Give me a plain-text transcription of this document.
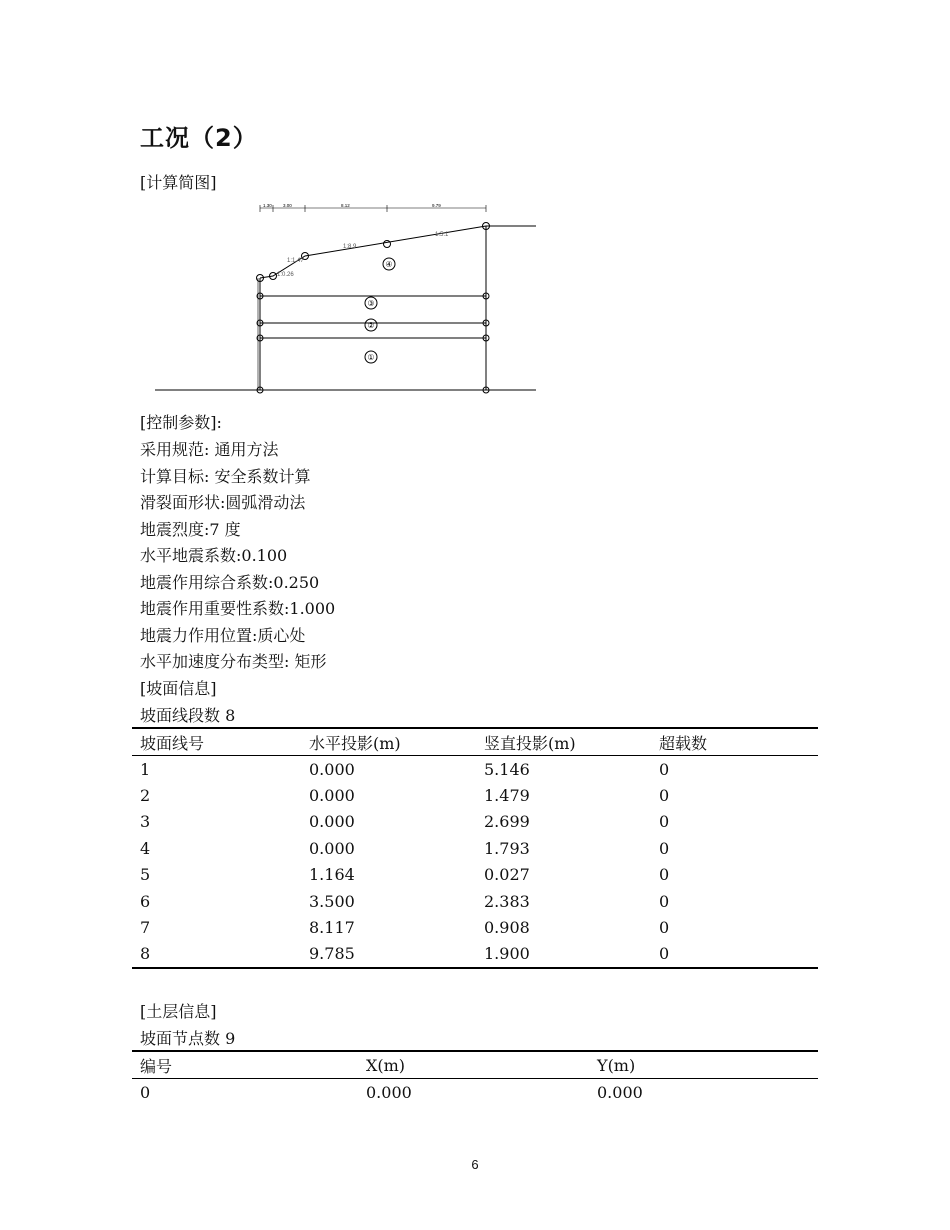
工况（2）
[计算简图]
1.30 3.00	8.12	9.79
1:0.26
1:1.47
1:8.9
1:5.1
④
③
②
①
[控制参数]:
采用规范: 通用方法
计算目标: 安全系数计算
滑裂面形状:圆弧滑动法
地震烈度:7 度
水平地震系数:0.100
地震作用综合系数:0.250
地震作用重要性系数:1.000
地震力作用位置:质心处
水平加速度分布类型: 矩形
[坡面信息]
坡面线段数 8
坡面线号	水平投影(m)	竖直投影(m)	超载数
1	0.000	5.146	0
2	0.000	1.479	0
3	0.000	2.699	0
4	0.000	1.793	0
5	1.164	0.027	0
6	3.500	2.383	0
7	8.117	0.908	0
8	9.785	1.900	0
[土层信息]
坡面节点数 9
编号	X(m)	Y(m)
0	0.000	0.000
6
